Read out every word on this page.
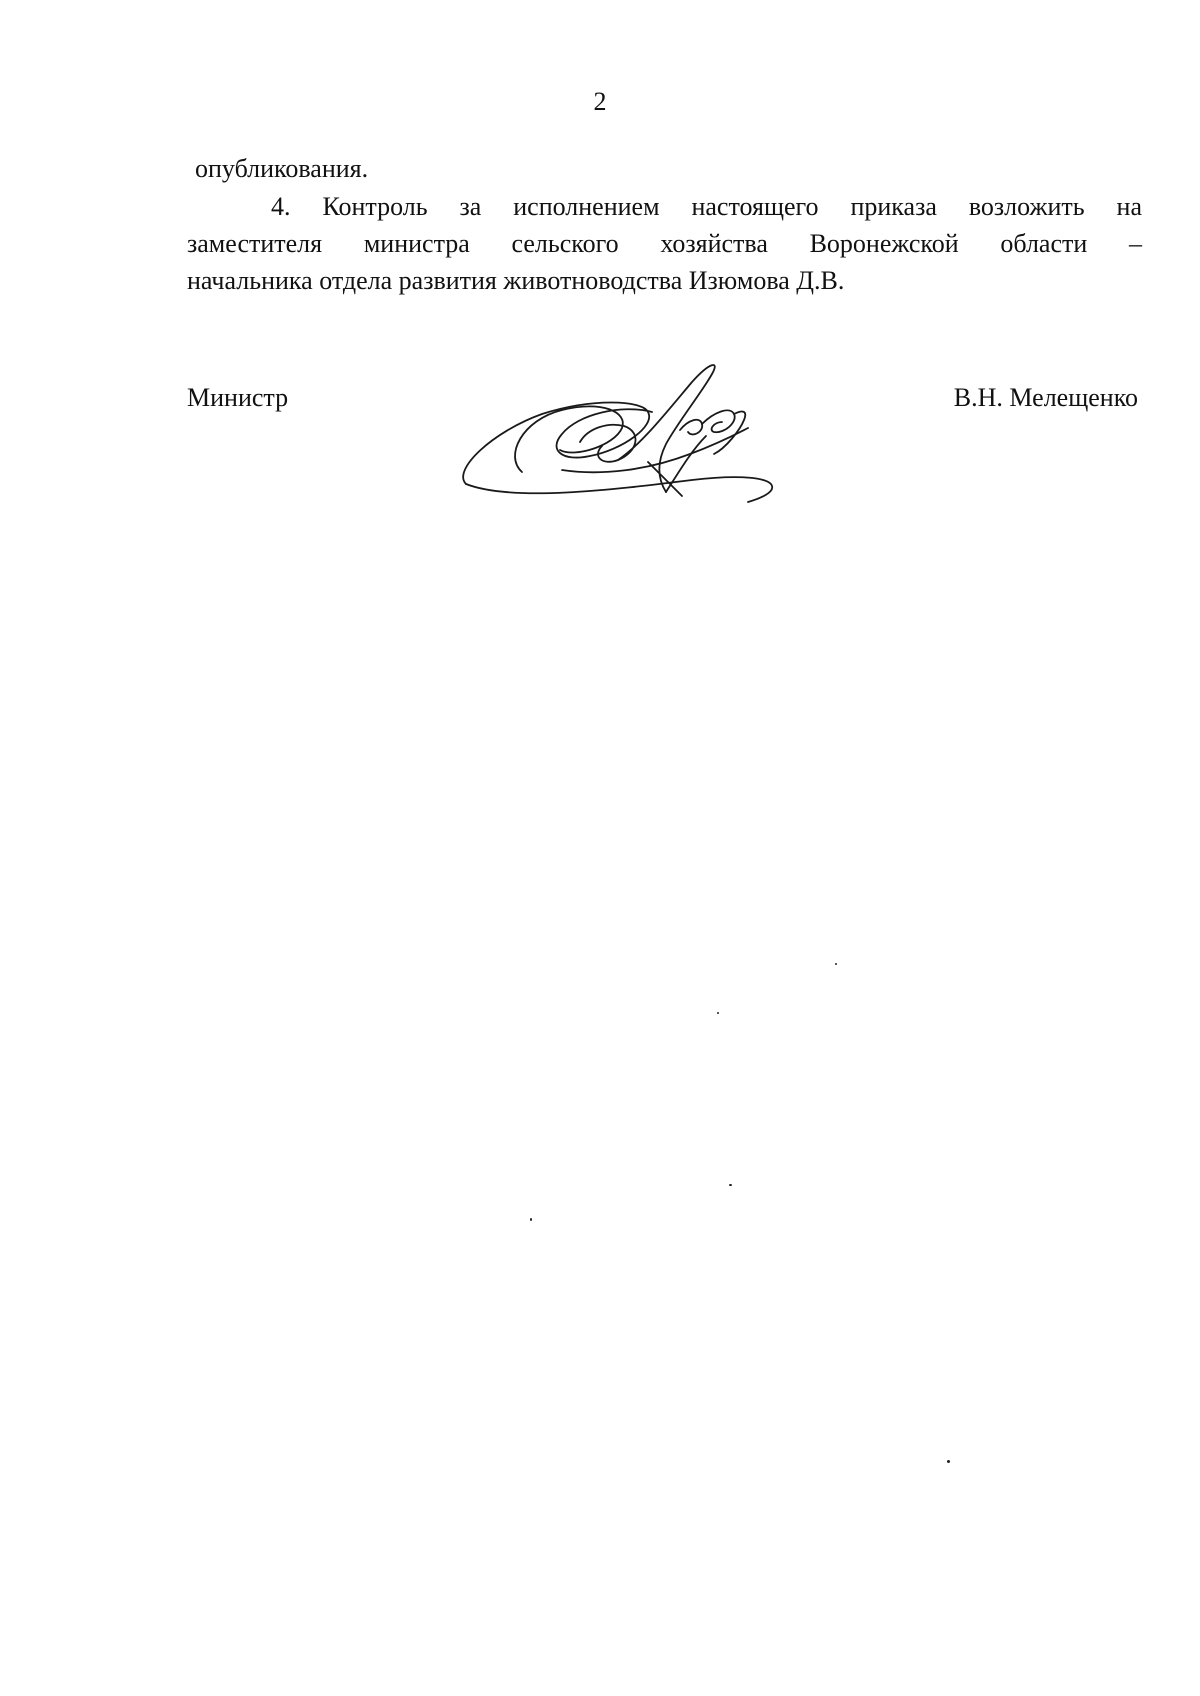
2
опубликования.
4. Контроль за исполнением настоящего приказа возложить на
заместителя министра сельского хозяйства Воронежской области –
начальника отдела развития животноводства Изюмова Д.В.
Министр	В.Н. Мелещенко
